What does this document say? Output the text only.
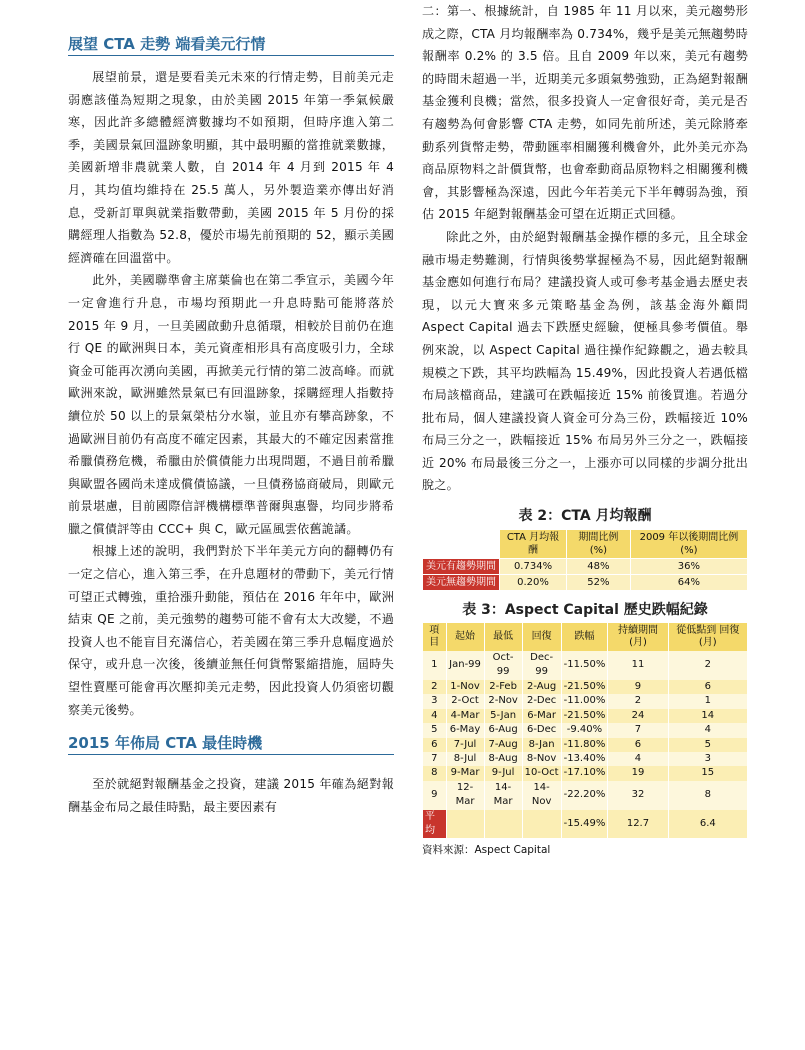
展望 CTA 走勢 端看美元行情

展望前景，還是要看美元未來的行情走勢，目前美元走弱應該僅為短期之現象，由於美國 2015 年第一季氣候嚴寒，因此許多總體經濟數據均不如預期，但時序進入第二季，美國景氣回溫跡象明顯，其中最明顯的當推就業數據，美國新增非農就業人數，自 2014 年 4 月到 2015 年 4 月，其均值均維持在 25.5 萬人，另外製造業亦傳出好消息，受新訂單與就業指數帶動，美國 2015 年 5 月份的採購經理人指數為 52.8，優於市場先前預期的 52，顯示美國經濟確在回溫當中。

此外，美國聯準會主席葉倫也在第二季宣示，美國今年一定會進行升息，市場均預期此一升息時點可能將落於 2015 年 9 月，一旦美國啟動升息循環，相較於目前仍在進行 QE 的歐洲與日本，美元資產相形具有高度吸引力，全球資金可能再次湧向美國，再掀美元行情的第二波高峰。而就歐洲來說，歐洲雖然景氣已有回溫跡象，採購經理人指數持續位於 50 以上的景氣榮枯分水嶺，並且亦有攀高跡象，不過歐洲目前仍有高度不確定因素，其最大的不確定因素當推希臘債務危機，希臘由於償債能力出現問題，不過目前希臘與歐盟各國尚未達成償債協議，一旦債務協商破局，則歐元前景堪慮，目前國際信評機構標準普爾與惠譽，均同步將希臘之償債評等由 CCC+ 與 C，歐元區風雲依舊詭譎。

根據上述的說明，我們對於下半年美元方向的翻轉仍有一定之信心，進入第三季，在升息題材的帶動下，美元行情可望正式轉強，重拾漲升動能，預估在 2016 年年中，歐洲結束 QE 之前，美元強勢的趨勢可能不會有太大改變，不過投資人也不能盲目充滿信心，若美國在第三季升息幅度過於保守，或升息一次後，後續並無任何貨幣緊縮措施，屆時失望性賣壓可能會再次壓抑美元走勢，因此投資人仍須密切觀察美元後勢。

2015 年佈局 CTA 最佳時機

至於就絕對報酬基金之投資，建議 2015 年確為絕對報酬基金布局之最佳時點，最主要因素有

二：第一、根據統計，自 1985 年 11 月以來，美元趨勢形成之際，CTA 月均報酬率為 0.734%，幾乎是美元無趨勢時報酬率 0.2% 的 3.5 倍。且自 2009 年以來，美元有趨勢的時間未超過一半，近期美元多頭氣勢強勁，正為絕對報酬基金獲利良機；當然，很多投資人一定會很好奇，美元是否有趨勢為何會影響 CTA 走勢，如同先前所述，美元除將牽動系列貨幣走勢，帶動匯率相關獲利機會外，此外美元亦為商品原物料之計價貨幣，也會牽動商品原物料之相關獲利機會，其影響極為深遠，因此今年若美元下半年轉弱為強，預估 2015 年絕對報酬基金可望在近期正式回穩。

除此之外，由於絕對報酬基金操作標的多元，且全球金融市場走勢難測，行情與後勢掌握極為不易，因此絕對報酬基金應如何進行布局？建議投資人或可參考基金過去歷史表現，以元大寶來多元策略基金為例，該基金海外顧問 Aspect Capital 過去下跌歷史經驗，便極具參考價值。舉例來說，以 Aspect Capital 過往操作紀錄觀之，過去較具規模之下跌，其平均跌幅為 15.49%，因此投資人若遇低檔布局該檔商品，建議可在跌幅接近 15% 前後買進。若過分批布局，個人建議投資人資金可分為三份，跌幅接近 10% 布局三分之一，跌幅接近 15% 布局另外三分之一，跌幅接近 20% 布局最後三分之一，上漲亦可以同樣的步調分批出脫之。

表 2：CTA 月均報酬
	CTA 月均報酬	期間比例 (%)	2009 年以後期間比例 (%)
美元有趨勢期間	0.734%	48%	36%
美元無趨勢期間	0.20%	52%	64%
表 3：Aspect Capital 歷史跌幅紀錄
項目	起始	最低	回復	跌幅	持續期間 (月)	從低點到 回復 (月)
1	Jan-99	Oct-99	Dec-99	-11.50%	11	2
2	1-Nov	2-Feb	2-Aug	-21.50%	9	6
3	2-Oct	2-Nov	2-Dec	-11.00%	2	1
4	4-Mar	5-Jan	6-Mar	-21.50%	24	14
5	6-May	6-Aug	6-Dec	-9.40%	7	4
6	7-Jul	7-Aug	8-Jan	-11.80%	6	5
7	8-Jul	8-Aug	8-Nov	-13.40%	4	3
8	9-Mar	9-Jul	10-Oct	-17.10%	19	15
9	12-Mar	14-Mar	14-Nov	-22.20%	32	8
平均				-15.49%	12.7	6.4
資料來源：Aspect Capital
